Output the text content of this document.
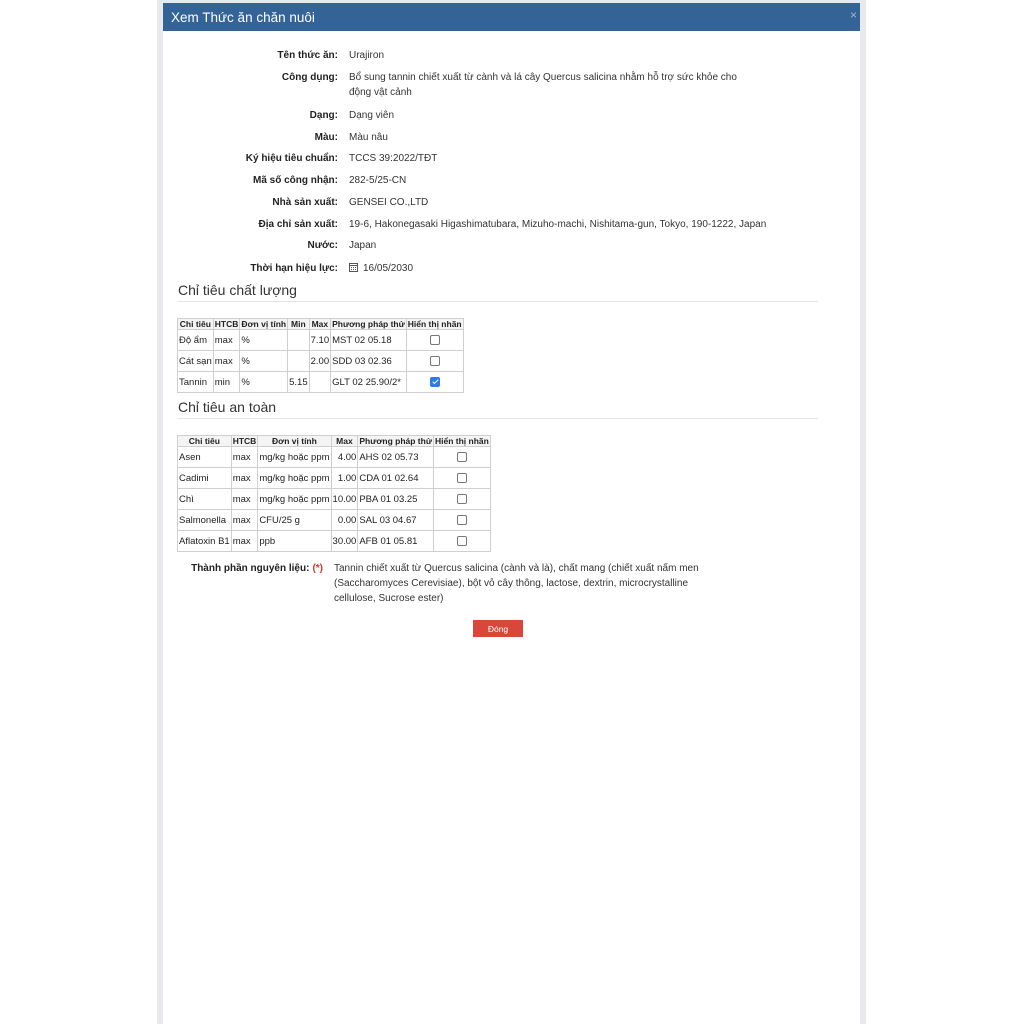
Xem Thức ăn chăn nuôi	×
Tên thức ăn: Urajiron
Công dụng: Bổ sung tannin chiết xuất từ cành và lá cây Quercus salicina nhằm hỗ trợ sức khỏe cho động vật cảnh
Dạng: Dạng viên
Màu: Màu nâu
Ký hiệu tiêu chuẩn: TCCS 39:2022/TĐT
Mã số công nhận: 282-5/25-CN
Nhà sản xuất: GENSEI CO.,LTD
Địa chỉ sản xuất: 19-6, Hakonegasaki Higashimatubara, Mizuho-machi, Nishitama-gun, Tokyo, 190-1222, Japan
Nước: Japan
Thời hạn hiệu lực:	16/05/2030
Chỉ tiêu chất lượng
Chỉ tiêu	HTCB	Đơn vị tính	Min	Max	Phương pháp thử	Hiển thị nhãn
Độ ẩm	max	%		7.10	MST 02 05.18	
Cát sạn	max	%		2.00	SDD 03 02.36	
Tannin	min	%	5.15		GLT 02 25.90/2*	
Chỉ tiêu an toàn
Chỉ tiêu	HTCB	Đơn vị tính	Max	Phương pháp thử	Hiển thị nhãn
Asen	max	mg/kg hoặc ppm	4.00	AHS 02 05.73	
Cadimi	max	mg/kg hoặc ppm	1.00	CDA 01 02.64	
Chì	max	mg/kg hoặc ppm	10.00	PBA 01 03.25	
Salmonella	max	CFU/25 g	0.00	SAL 03 04.67	
Aflatoxin B1	max	ppb	30.00	AFB 01 05.81	
Thành phần nguyên liệu: (*) Tannin chiết xuất từ Quercus salicina (cành và là), chất mang (chiết xuất nấm men (Saccharomyces Cerevisiae), bột vỏ cây thông, lactose, dextrin, microcrystalline cellulose, Sucrose ester)
Đóng
